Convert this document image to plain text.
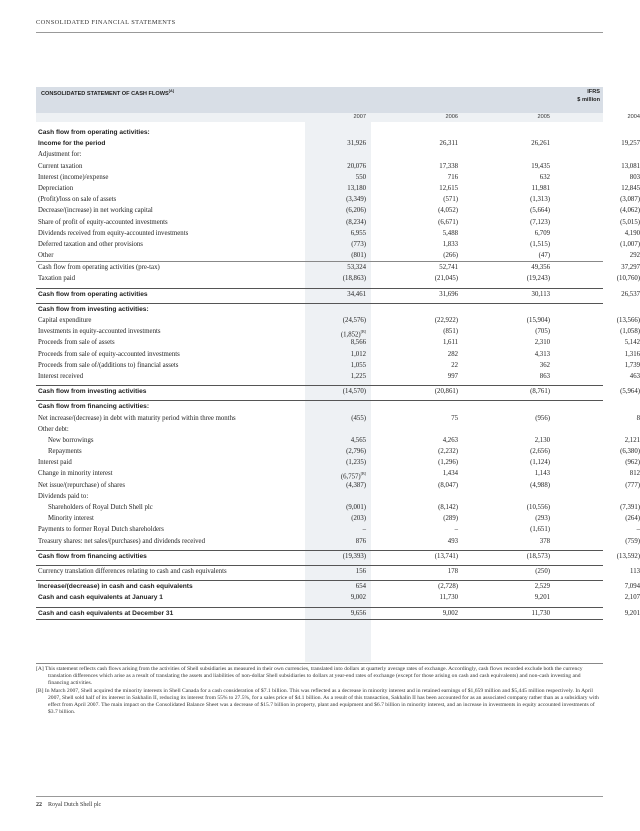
CONSOLIDATED FINANCIAL STATEMENTS
CONSOLIDATED STATEMENT OF CASH FLOWS[A]	IFRS
$ million
2007	2006	2005	2004
Cash flow from operating activities:
Income for the period	31,926	26,311	26,261	19,257
Adjustment for:
Current taxation	20,076	17,338	19,435	13,081
Interest (income)/expense	550	716	632	803
Depreciation	13,180	12,615	11,981	12,845
(Profit)/loss on sale of assets	(3,349)	(571)	(1,313)	(3,087)
Decrease/(increase) in net working capital	(6,206)	(4,052)	(5,664)	(4,062)
Share of profit of equity-accounted investments	(8,234)	(6,671)	(7,123)	(5,015)
Dividends received from equity-accounted investments	6,955	5,488	6,709	4,190
Deferred taxation and other provisions	(773)	1,833	(1,515)	(1,007)
Other	(801)	(266)	(47)	292
Cash flow from operating activities (pre-tax)	53,324	52,741	49,356	37,297
Taxation paid	(18,863)	(21,045)	(19,243)	(10,760)
Cash flow from operating activities	34,461	31,696	30,113	26,537
Cash flow from investing activities:
Capital expenditure	(24,576)	(22,922)	(15,904)	(13,566)
Investments in equity-accounted investments	(1,852)[B]	(851)	(705)	(1,058)
Proceeds from sale of assets	8,566	1,611	2,310	5,142
Proceeds from sale of equity-accounted investments	1,012	282	4,313	1,316
Proceeds from sale of/(additions to) financial assets	1,055	22	362	1,739
Interest received	1,225	997	863	463
Cash flow from investing activities	(14,570)	(20,861)	(8,761)	(5,964)
Cash flow from financing activities:
Net increase/(decrease) in debt with maturity period within three months	(455)	75	(956)	8
Other debt:
New borrowings	4,565	4,263	2,130	2,121
Repayments	(2,796)	(2,232)	(2,656)	(6,380)
Interest paid	(1,235)	(1,296)	(1,124)	(962)
Change in minority interest	(6,757)[B]	1,434	1,143	812
Net issue/(repurchase) of shares	(4,387)	(8,047)	(4,988)	(777)
Dividends paid to:
Shareholders of Royal Dutch Shell plc	(9,001)	(8,142)	(10,556)	(7,391)
Minority interest	(203)	(289)	(293)	(264)
Payments to former Royal Dutch shareholders	–	–	(1,651)	–
Treasury shares: net sales/(purchases) and dividends received	876	493	378	(759)
Cash flow from financing activities	(19,393)	(13,741)	(18,573)	(13,592)
Currency translation differences relating to cash and cash equivalents	156	178	(250)	113
Increase/(decrease) in cash and cash equivalents	654	(2,728)	2,529	7,094
Cash and cash equivalents at January 1	9,002	11,730	9,201	2,107
Cash and cash equivalents at December 31	9,656	9,002	11,730	9,201

[A] This statement reflects cash flows arising from the activities of Shell subsidiaries as measured in their own currencies, translated into dollars at quarterly average rates of exchange. Accordingly, cash flows recorded exclude both the currency translation differences which arise as a result of translating the assets and liabilities of non-dollar Shell subsidiaries to dollars at year-end rates of exchange (except for those arising on cash and cash equivalents) and non-cash investing and financing activities.

[B] In March 2007, Shell acquired the minority interests in Shell Canada for a cash consideration of $7.1 billion. This was reflected as a decrease in minority interest and in retained earnings of $1,659 million and $5,445 million respectively. In April 2007, Shell sold half of its interest in Sakhalin II, reducing its interest from 55% to 27.5%, for a sales price of $4.1 billion. As a result of this transaction, Sakhalin II has been accounted for as an associated company rather than as a subsidiary with effect from April 2007. The main impact on the Consolidated Balance Sheet was a decrease of $15.7 billion in property, plant and equipment and $6.7 billion in minority interest, and an increase in investments in equity accounted investments of $3.7 billion.

22 Royal Dutch Shell plc
